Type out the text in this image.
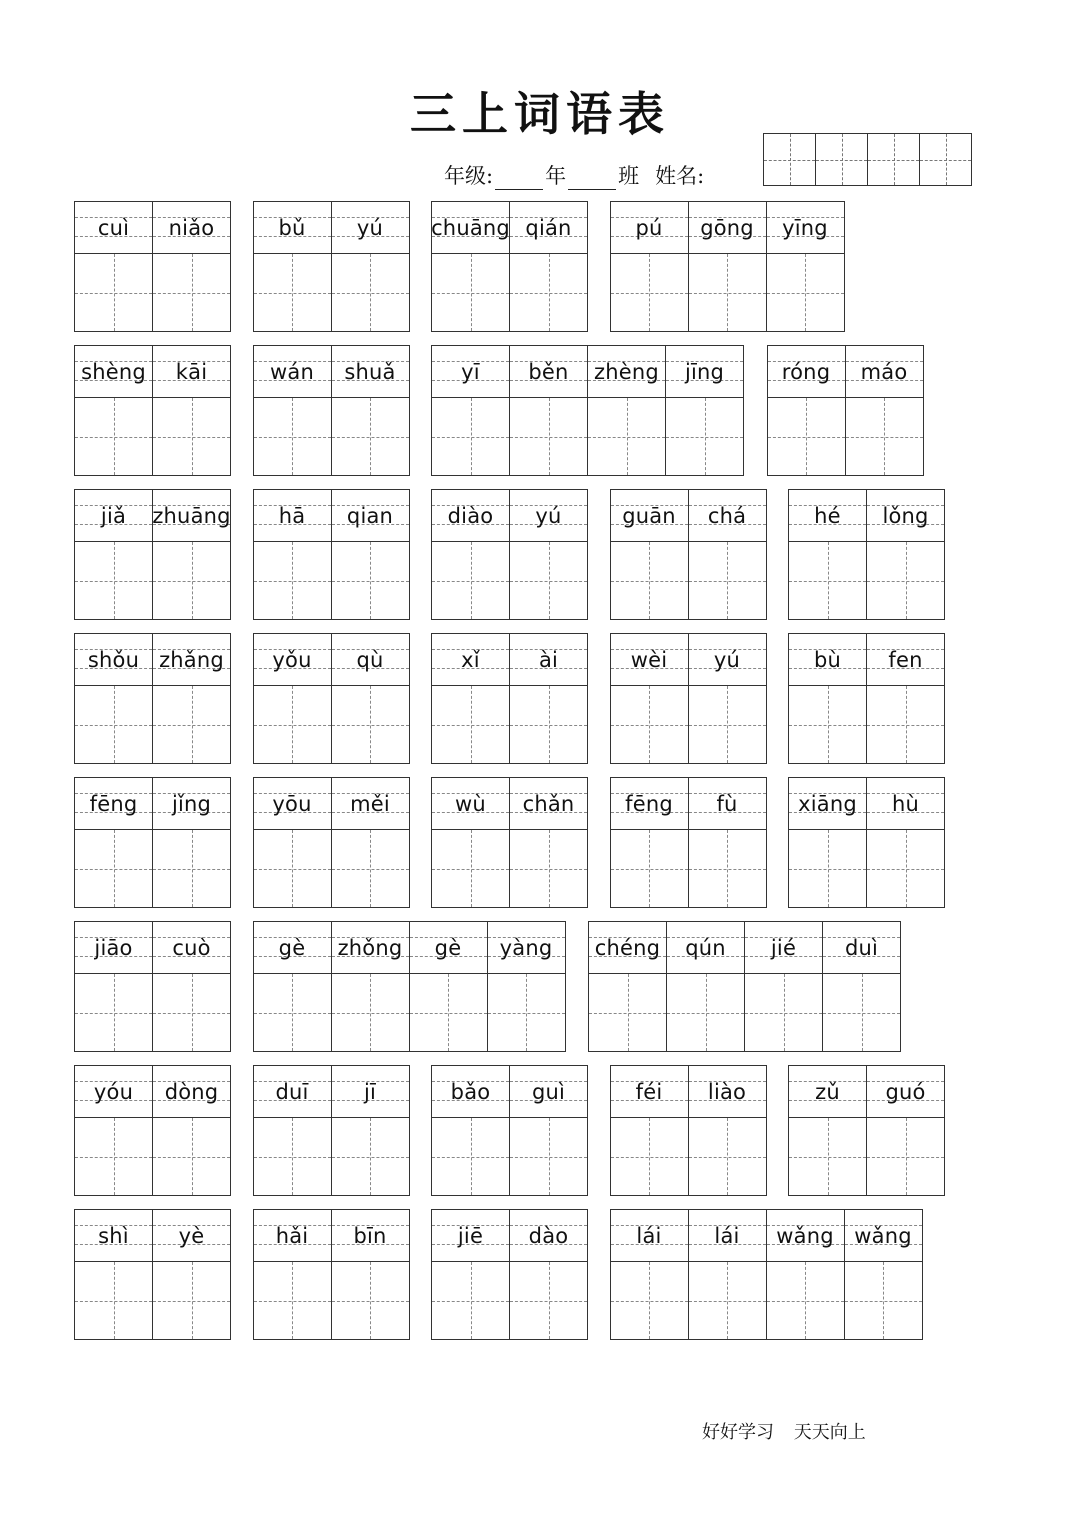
三上词语表
年级: 年 班 姓名:
cuì niǎo	bǔ yú chuāng qián	pú gōng yīng
shèng kāi	wán shuǎ	yī běn zhèng jīng	róng máo
jiǎ zhuāng hā qian	diào yú	guān chá	hé lǒng
shǒu zhǎng yǒu qù	xǐ	ài	wèi yú	bù fen
fēng jǐng	yōu měi	wù chǎn fēng fù	xiāng hù
jiāo cuò	gè zhǒng gè yàng chéng qún jié duì
yóu dòng	duī	jī	bǎo guì	féi liào	zǔ guó
shì yè	hǎi bīn	jiē dào	lái	lái wǎng wǎng
好好学习 天天向上
